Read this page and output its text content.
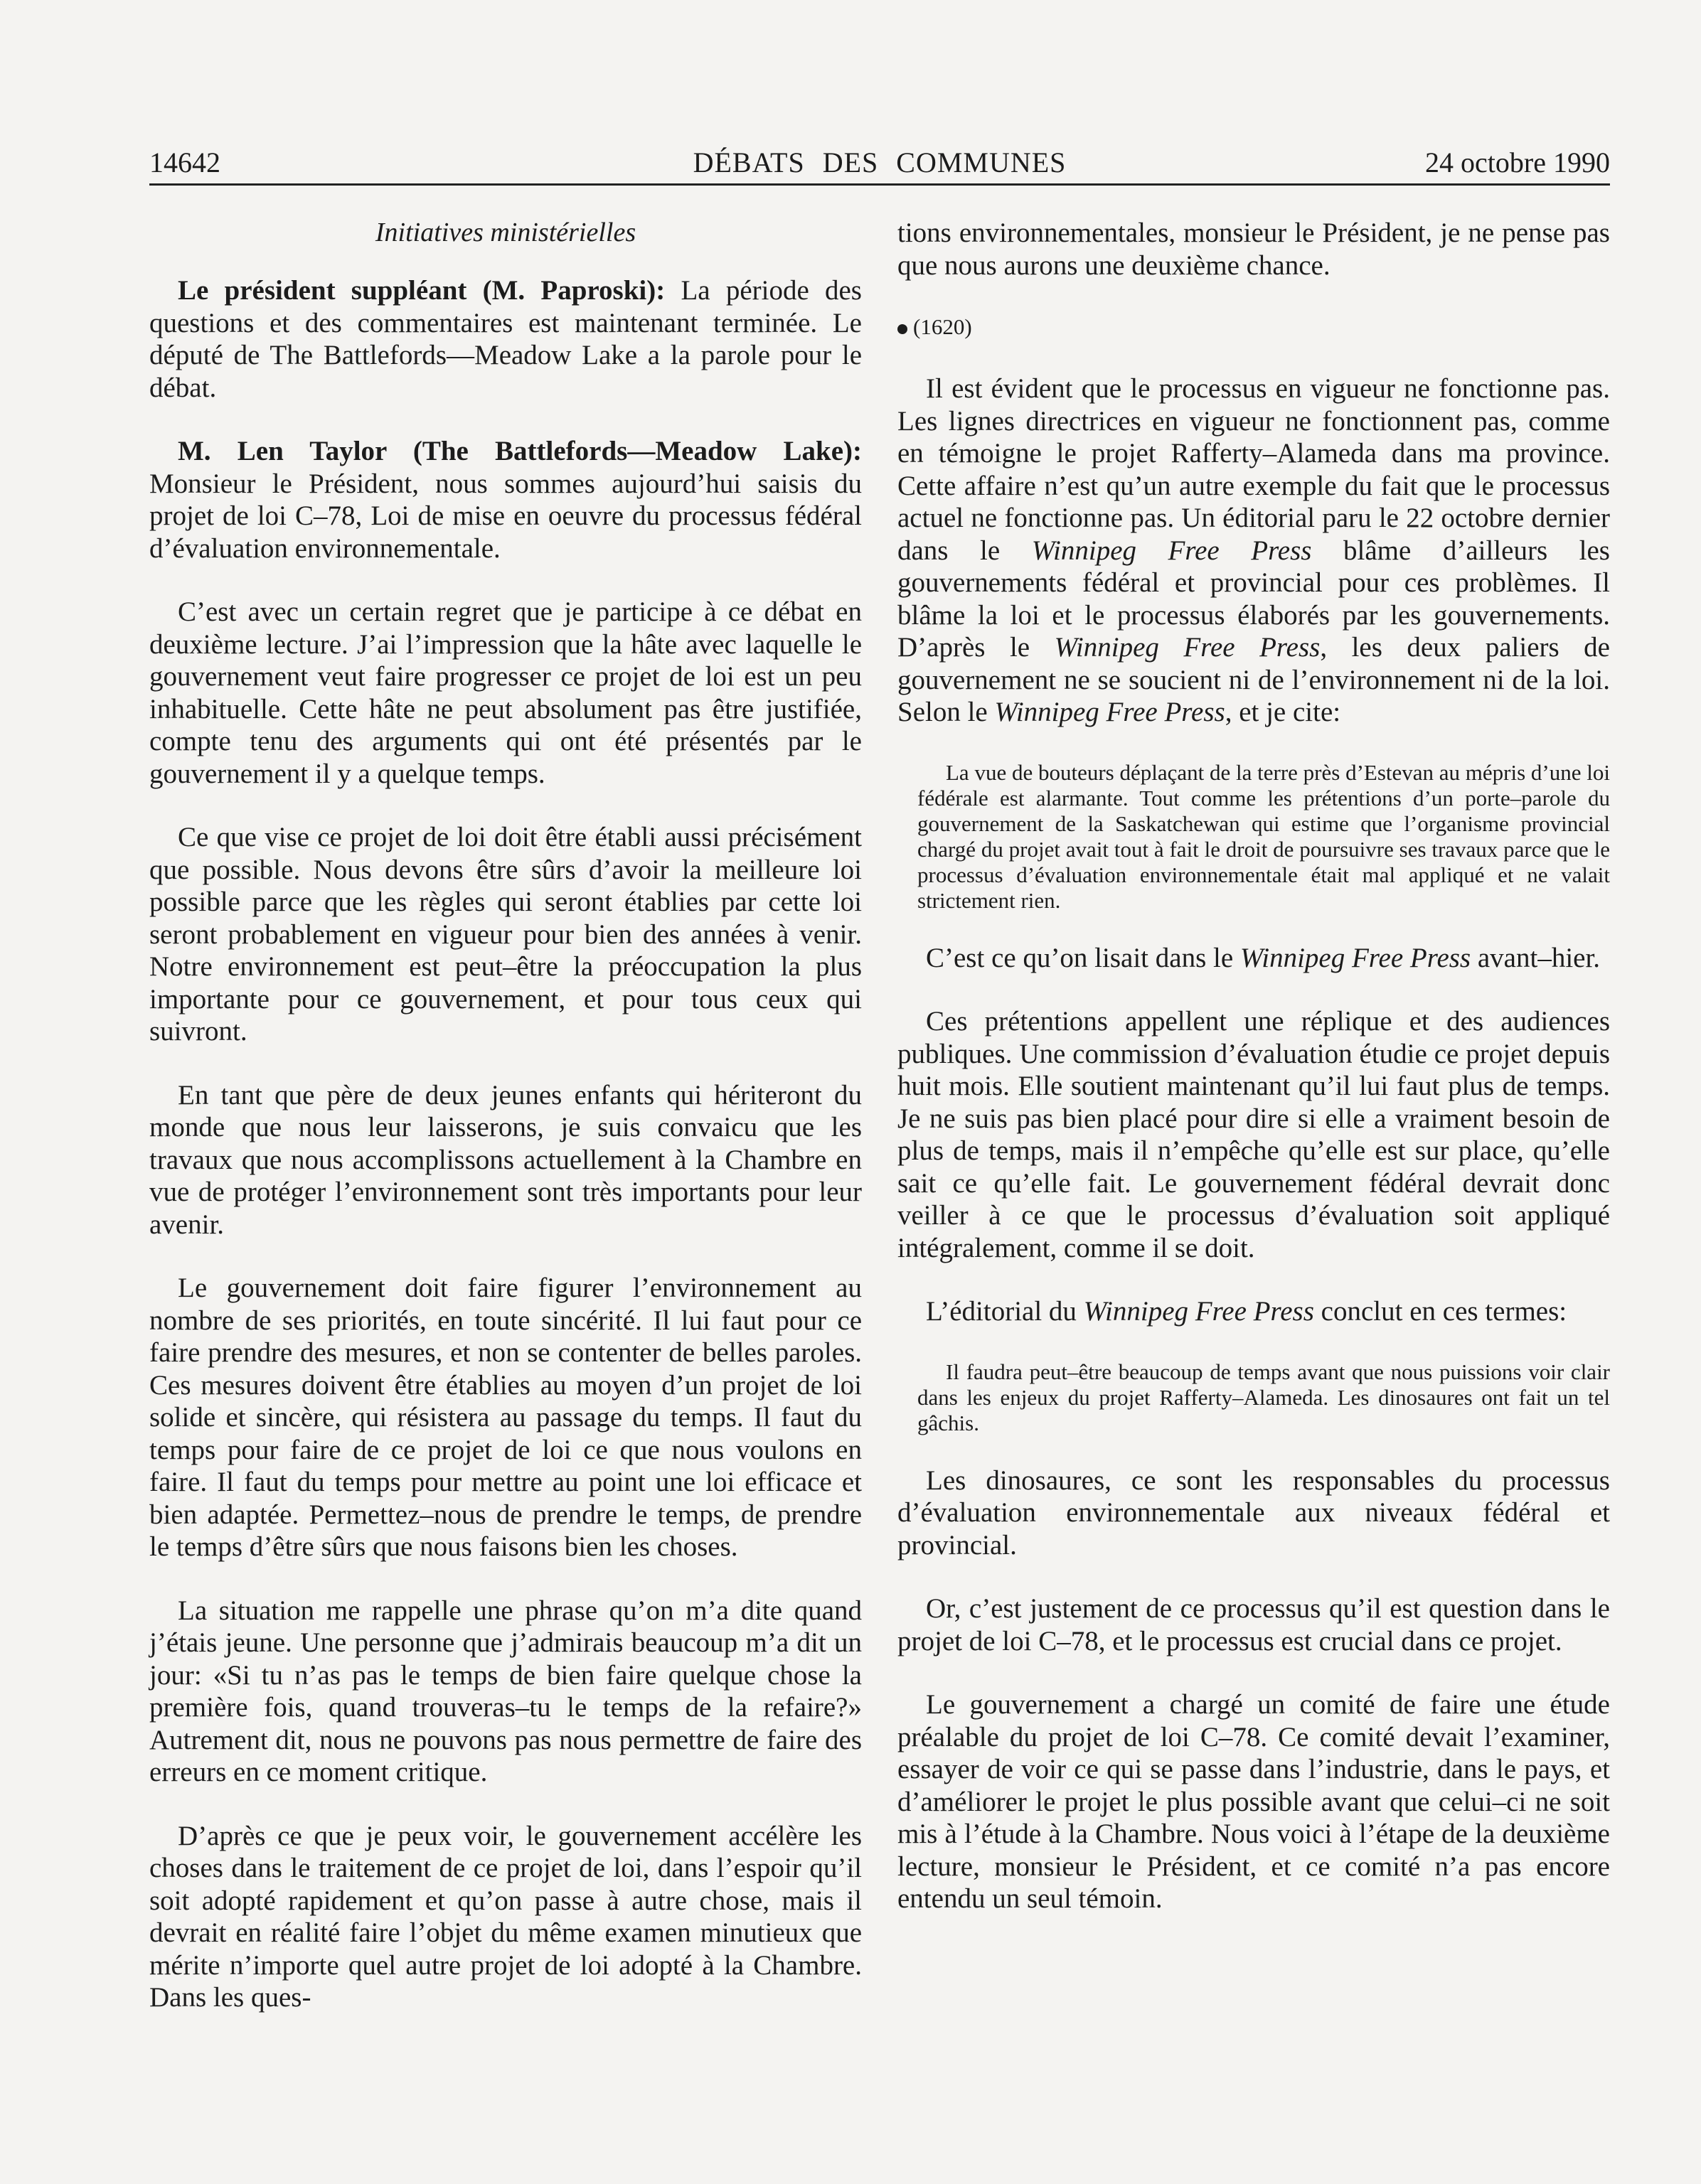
14642	DÉBATS DES COMMUNES	24 octobre 1990
Initiatives ministérielles

Le président suppléant (M. Paproski): La période des questions et des commentaires est maintenant terminée. Le député de The Battlefords—Meadow Lake a la parole pour le débat.

M. Len Taylor (The Battlefords—Meadow Lake): Monsieur le Président, nous sommes aujourd’hui saisis du projet de loi C–78, Loi de mise en oeuvre du processus fédéral d’évaluation environnementale.

C’est avec un certain regret que je participe à ce débat en deuxième lecture. J’ai l’impression que la hâte avec laquelle le gouvernement veut faire progresser ce projet de loi est un peu inhabituelle. Cette hâte ne peut absolument pas être justifiée, compte tenu des arguments qui ont été présentés par le gouvernement il y a quelque temps.

Ce que vise ce projet de loi doit être établi aussi précisément que possible. Nous devons être sûrs d’avoir la meilleure loi possible parce que les règles qui seront établies par cette loi seront probablement en vigueur pour bien des années à venir. Notre environnement est peut–être la préoccupation la plus importante pour ce gouvernement, et pour tous ceux qui suivront.

En tant que père de deux jeunes enfants qui hériteront du monde que nous leur laisserons, je suis convaicu que les travaux que nous accomplissons actuellement à la Chambre en vue de protéger l’environnement sont très importants pour leur avenir.

Le gouvernement doit faire figurer l’environnement au nombre de ses priorités, en toute sincérité. Il lui faut pour ce faire prendre des mesures, et non se contenter de belles paroles. Ces mesures doivent être établies au moyen d’un projet de loi solide et sincère, qui résistera au passage du temps. Il faut du temps pour faire de ce projet de loi ce que nous voulons en faire. Il faut du temps pour mettre au point une loi efficace et bien adaptée. Permettez–nous de prendre le temps, de prendre le temps d’être sûrs que nous faisons bien les choses.

La situation me rappelle une phrase qu’on m’a dite quand j’étais jeune. Une personne que j’admirais beaucoup m’a dit un jour: «Si tu n’as pas le temps de bien faire quelque chose la première fois, quand trouveras–tu le temps de la refaire?» Autrement dit, nous ne pouvons pas nous permettre de faire des erreurs en ce moment critique.

D’après ce que je peux voir, le gouvernement accélère les choses dans le traitement de ce projet de loi, dans l’espoir qu’il soit adopté rapidement et qu’on passe à autre chose, mais il devrait en réalité faire l’objet du même examen minutieux que mérite n’importe quel autre projet de loi adopté à la Chambre. Dans les ques-

tions environnementales, monsieur le Président, je ne pense pas que nous aurons une deuxième chance.

(1620)

Il est évident que le processus en vigueur ne fonctionne pas. Les lignes directrices en vigueur ne fonctionnent pas, comme en témoigne le projet Rafferty–Alameda dans ma province. Cette affaire n’est qu’un autre exemple du fait que le processus actuel ne fonctionne pas. Un éditorial paru le 22 octobre dernier dans le Winnipeg Free Press blâme d’ailleurs les gouvernements fédéral et provincial pour ces problèmes. Il blâme la loi et le processus élaborés par les gouvernements. D’après le Winnipeg Free Press, les deux paliers de gouvernement ne se soucient ni de l’environnement ni de la loi. Selon le Winnipeg Free Press, et je cite:

La vue de bouteurs déplaçant de la terre près d’Estevan au mépris d’une loi fédérale est alarmante. Tout comme les prétentions d’un porte–parole du gouvernement de la Saskatchewan qui estime que l’organisme provincial chargé du projet avait tout à fait le droit de poursuivre ses travaux parce que le processus d’évaluation environnementale était mal appliqué et ne valait strictement rien.

C’est ce qu’on lisait dans le Winnipeg Free Press avant–hier.

Ces prétentions appellent une réplique et des audiences publiques. Une commission d’évaluation étudie ce projet depuis huit mois. Elle soutient maintenant qu’il lui faut plus de temps. Je ne suis pas bien placé pour dire si elle a vraiment besoin de plus de temps, mais il n’empêche qu’elle est sur place, qu’elle sait ce qu’elle fait. Le gouvernement fédéral devrait donc veiller à ce que le processus d’évaluation soit appliqué intégralement, comme il se doit.

L’éditorial du Winnipeg Free Press conclut en ces termes:

Il faudra peut–être beaucoup de temps avant que nous puissions voir clair dans les enjeux du projet Rafferty–Alameda. Les dinosaures ont fait un tel gâchis.

Les dinosaures, ce sont les responsables du processus d’évaluation environnementale aux niveaux fédéral et provincial.

Or, c’est justement de ce processus qu’il est question dans le projet de loi C–78, et le processus est crucial dans ce projet.

Le gouvernement a chargé un comité de faire une étude préalable du projet de loi C–78. Ce comité devait l’examiner, essayer de voir ce qui se passe dans l’industrie, dans le pays, et d’améliorer le projet le plus possible avant que celui–ci ne soit mis à l’étude à la Chambre. Nous voici à l’étape de la deuxième lecture, monsieur le Président, et ce comité n’a pas encore entendu un seul témoin.
